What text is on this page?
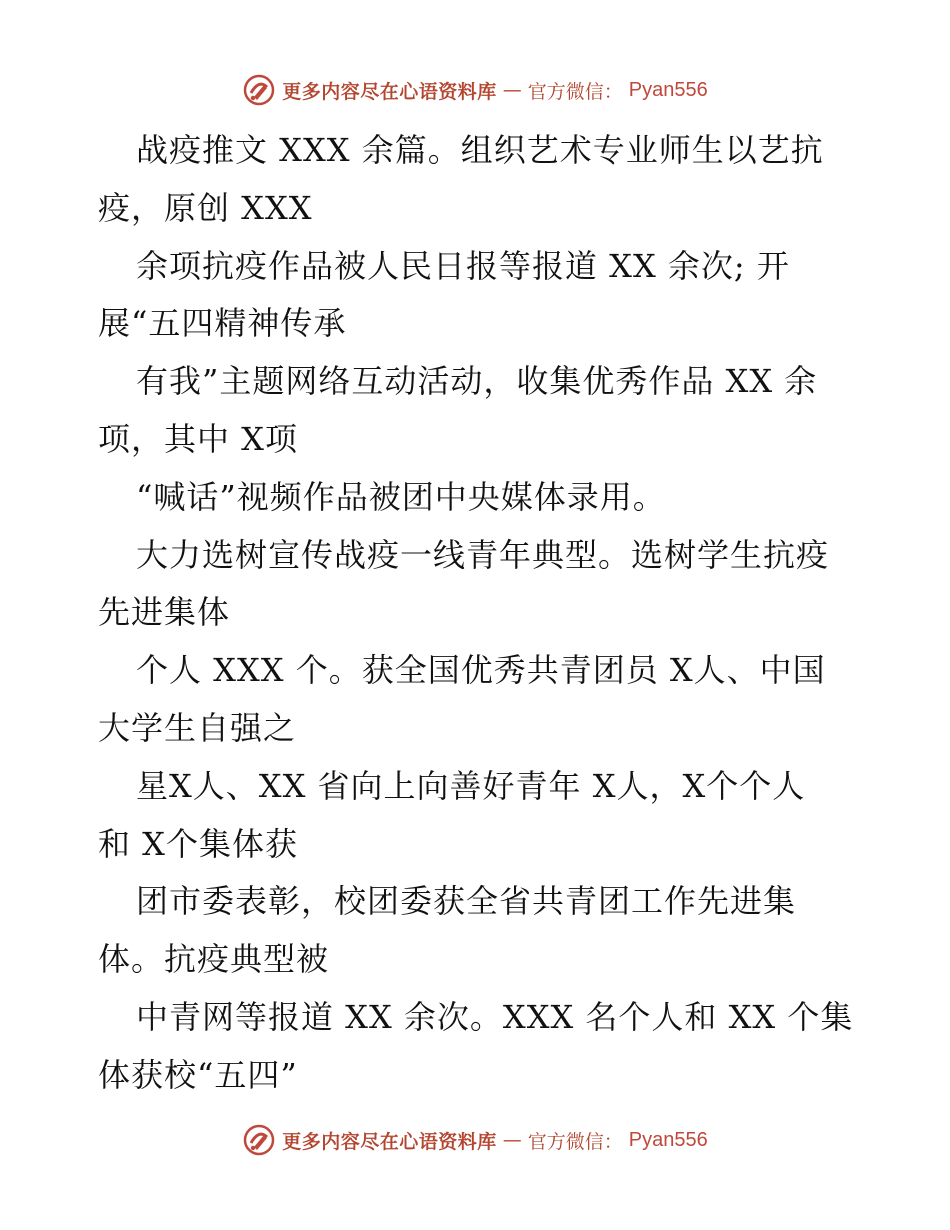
更多内容尽在心语资料库 — 官方微信： Pyan556
战疫推文 XXX 余篇。组织艺术专业师生以艺抗
疫，原创 XXX
余项抗疫作品被人民日报等报道 XX 余次; 开
展“五四精神传承
有我”主题网络互动活动，收集优秀作品 XX 余
项，其中 X项
“喊话”视频作品被团中央媒体录用。
大力选树宣传战疫一线青年典型。选树学生抗疫
先进集体
个人 XXX 个。获全国优秀共青团员 X人、中国
大学生自强之
星X人、XX 省向上向善好青年 X人，X个个人
和 X个集体获
团市委表彰，校团委获全省共青团工作先进集
体。抗疫典型被
中青网等报道 XX 余次。XXX 名个人和 XX 个集
体获校“五四”
更多内容尽在心语资料库 — 官方微信： Pyan556
